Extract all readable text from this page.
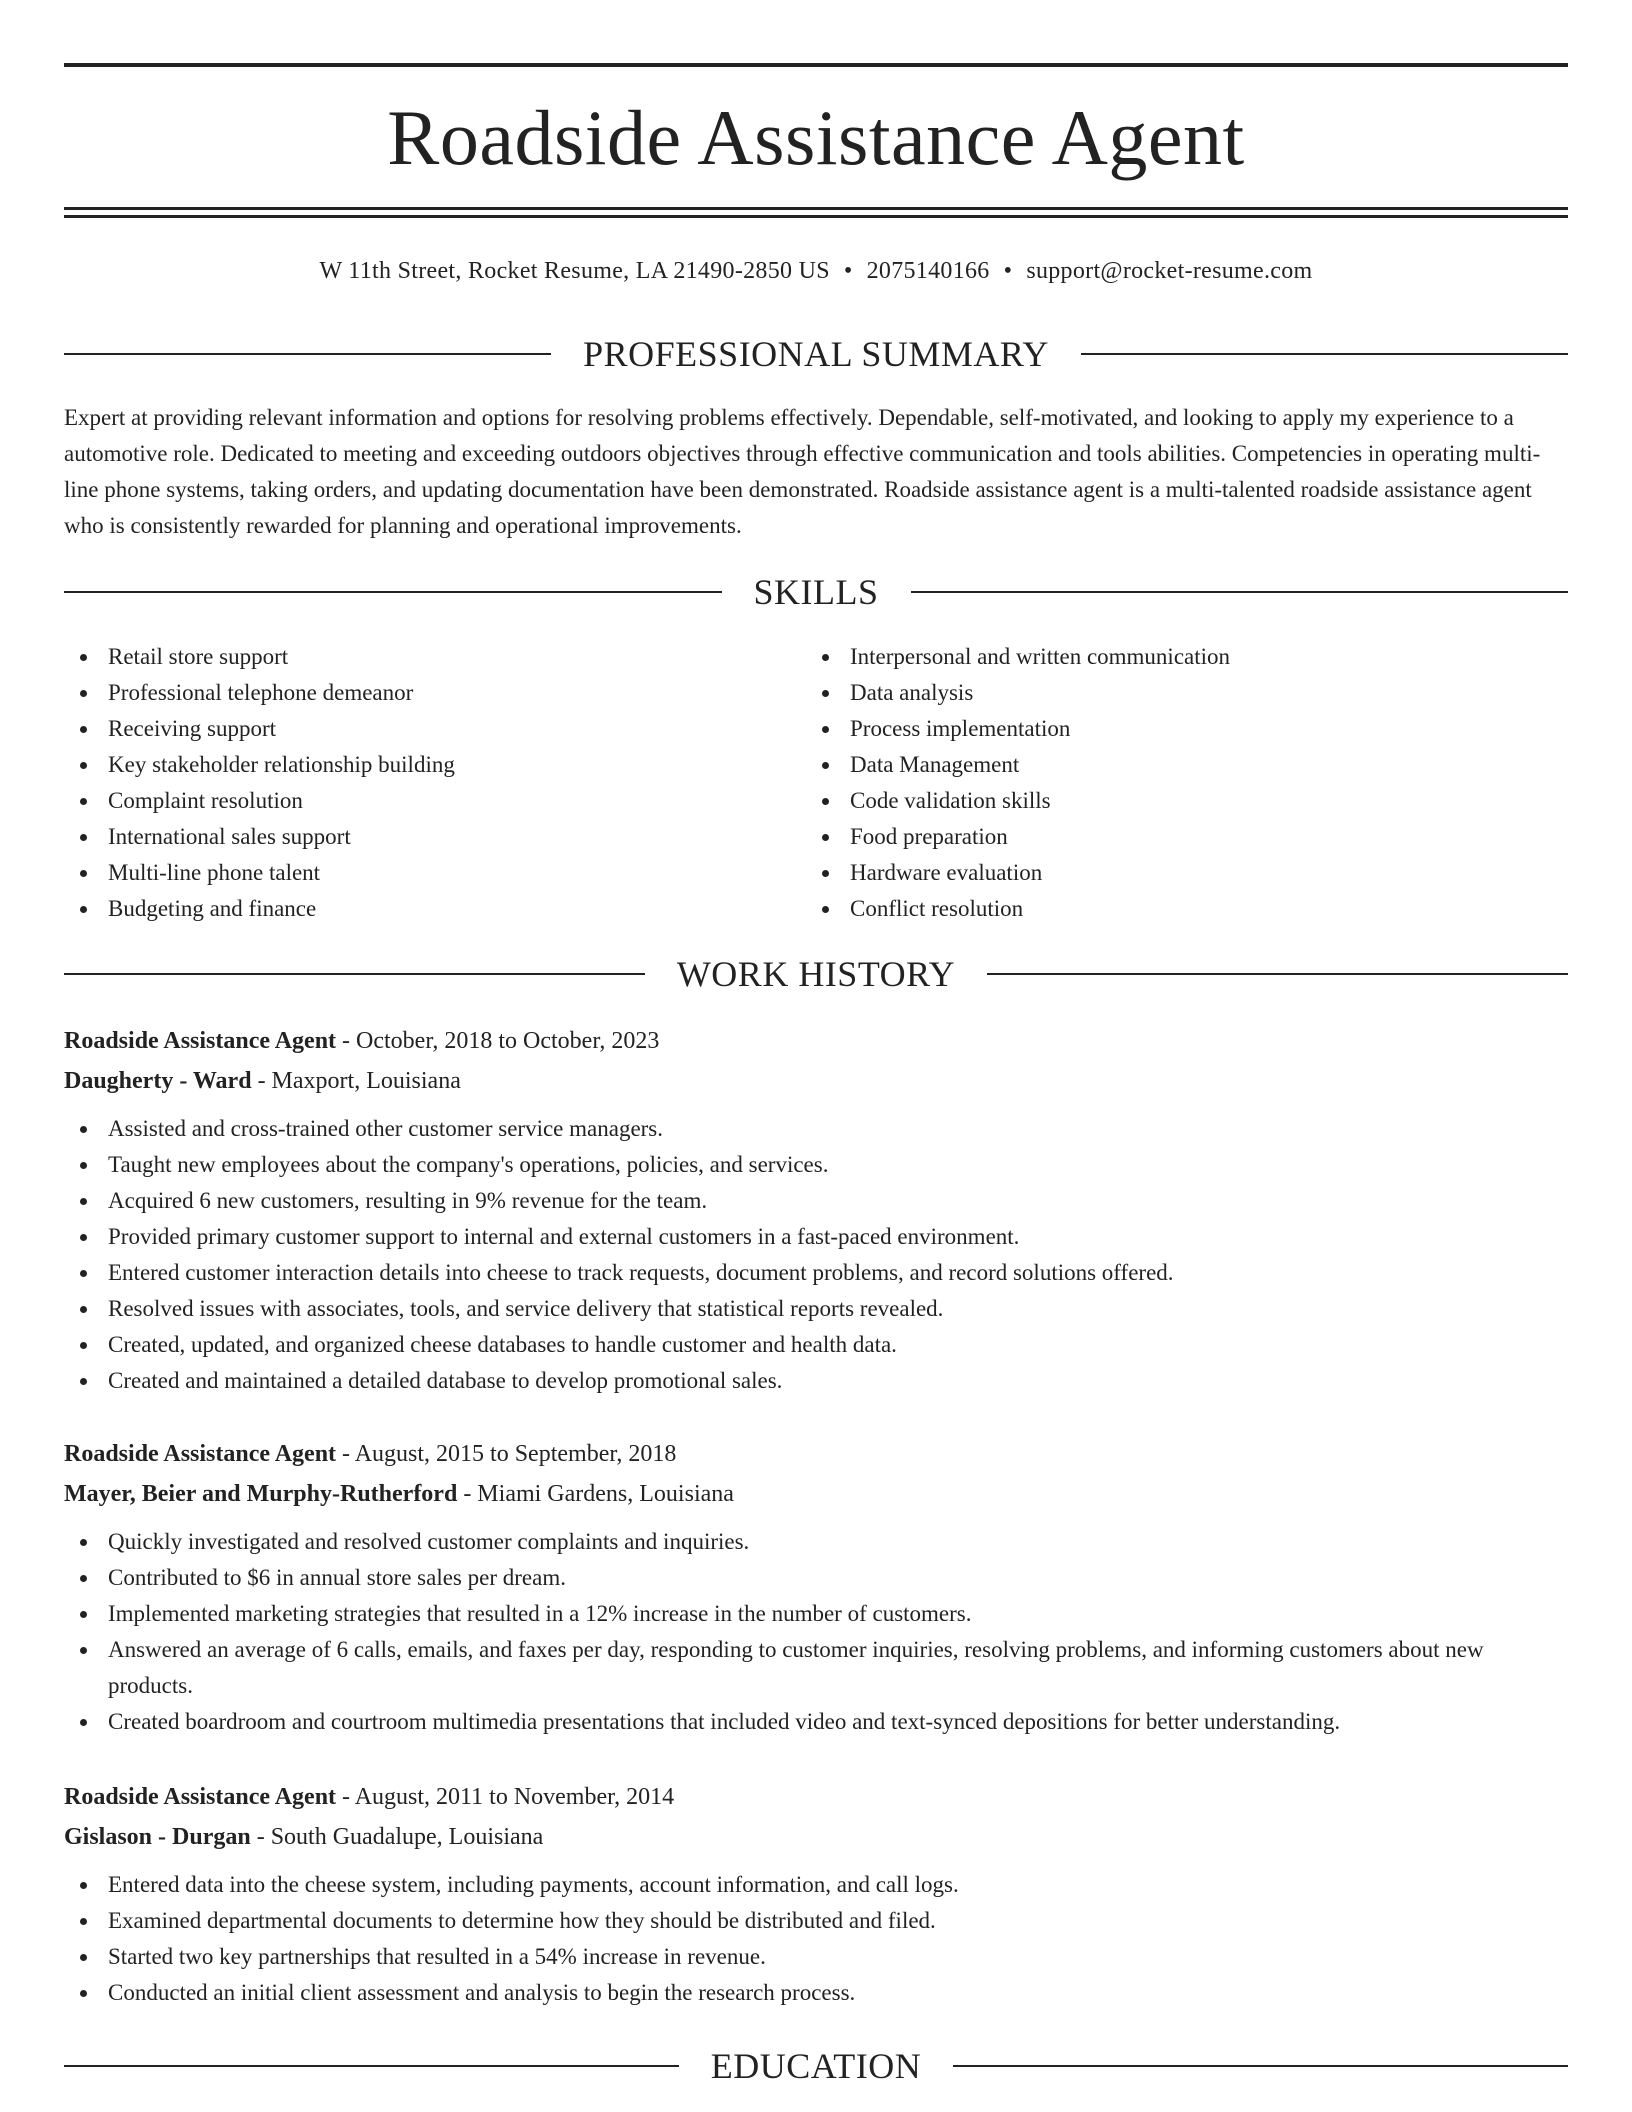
Roadside Assistance Agent
W 11th Street, Rocket Resume, LA 21490-2850 US • 2075140166 • support@rocket-resume.com
PROFESSIONAL SUMMARY

Expert at providing relevant information and options for resolving problems effectively. Dependable, self-motivated, and looking to apply my experience to a automotive role. Dedicated to meeting and exceeding outdoors objectives through effective communication and tools abilities. Competencies in operating multi-line phone systems, taking orders, and updating documentation have been demonstrated. Roadside assistance agent is a multi-talented roadside assistance agent who is consistently rewarded for planning and operational improvements.

SKILLS
Retail store support
Professional telephone demeanor
Receiving support
Key stakeholder relationship building
Complaint resolution
International sales support
Multi-line phone talent
Budgeting and finance
Interpersonal and written communication
Data analysis
Process implementation
Data Management
Code validation skills
Food preparation
Hardware evaluation
Conflict resolution
WORK HISTORY
Roadside Assistance Agent - October, 2018 to October, 2023
Daugherty - Ward - Maxport, Louisiana
Assisted and cross-trained other customer service managers.
Taught new employees about the company's operations, policies, and services.
Acquired 6 new customers, resulting in 9% revenue for the team.
Provided primary customer support to internal and external customers in a fast-paced environment.
Entered customer interaction details into cheese to track requests, document problems, and record solutions offered.
Resolved issues with associates, tools, and service delivery that statistical reports revealed.
Created, updated, and organized cheese databases to handle customer and health data.
Created and maintained a detailed database to develop promotional sales.
Roadside Assistance Agent - August, 2015 to September, 2018
Mayer, Beier and Murphy-Rutherford - Miami Gardens, Louisiana
Quickly investigated and resolved customer complaints and inquiries.
Contributed to $6 in annual store sales per dream.
Implemented marketing strategies that resulted in a 12% increase in the number of customers.
Answered an average of 6 calls, emails, and faxes per day, responding to customer inquiries, resolving problems, and informing customers about new products.
Created boardroom and courtroom multimedia presentations that included video and text-synced depositions for better understanding.
Roadside Assistance Agent - August, 2011 to November, 2014
Gislason - Durgan - South Guadalupe, Louisiana
Entered data into the cheese system, including payments, account information, and call logs.
Examined departmental documents to determine how they should be distributed and filed.
Started two key partnerships that resulted in a 54% increase in revenue.
Conducted an initial client assessment and analysis to begin the research process.
EDUCATION
